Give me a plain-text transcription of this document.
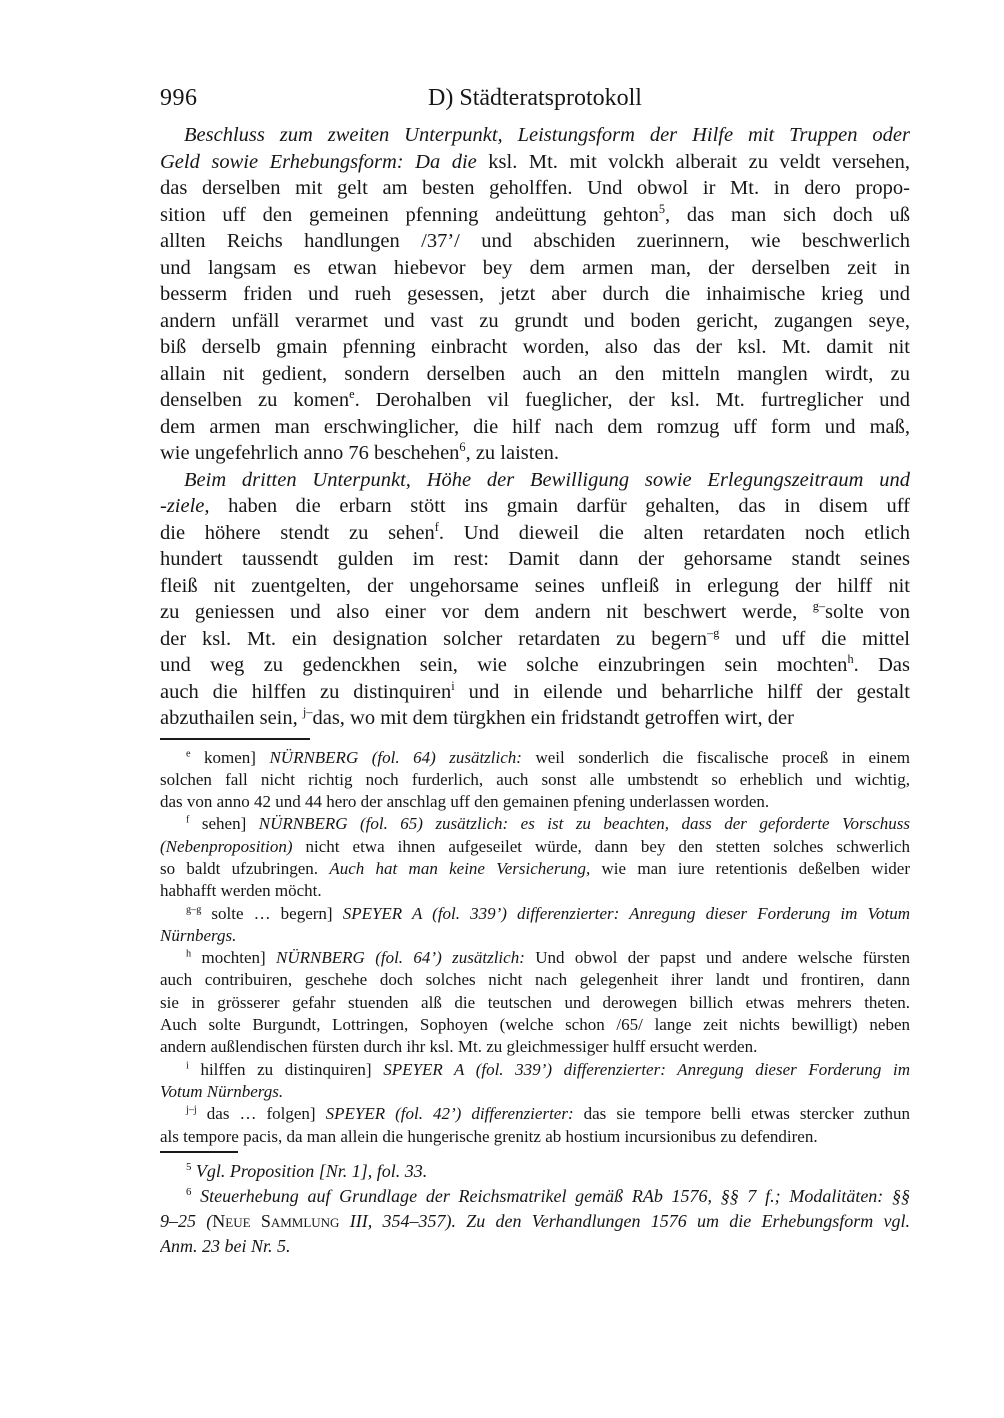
996	D) Städteratsprotokoll
Beschluss zum zweiten Unterpunkt, Leistungsform der Hilfe mit Truppen oder
Geld sowie Erhebungsform: Da die ksl. Mt. mit volckh alberait zu veldt versehen,
das derselben mit gelt am besten geholffen. Und obwol ir Mt. in dero propo-
sition uff den gemeinen pfenning andeüttung gehton$^5$, das man sich doch uß
allten Reichs handlungen /37’/ und abschiden zuerinnern, wie beschwerlich
und langsam es etwan hiebevor bey dem armen man, der derselben zeit in
besserm friden und rueh gesessen, jetzt aber durch die inhaimische krieg und
andern unfäll verarmet und vast zu grundt und boden gericht, zugangen seye,
biß derselb gmain pfenning einbracht worden, also das der ksl. Mt. damit nit
allain nit gedient, sondern derselben auch an den mitteln manglen wirdt, zu
denselben zu komen$^e$. Derohalben vil fueglicher, der ksl. Mt. furtreglicher und
dem armen man erschwinglicher, die hilf nach dem romzug uff form und maß,
wie ungefehrlich anno 76 beschehen$^6$, zu laisten.
Beim dritten Unterpunkt, Höhe der Bewilligung sowie Erlegungszeitraum und
-ziele, haben die erbarn stött ins gmain darfür gehalten, das in disem uff
die höhere stendt zu sehen$^f$. Und dieweil die alten retardaten noch etlich
hundert taussendt gulden im rest: Damit dann der gehorsame standt seines
fleiß nit zuentgelten, der ungehorsame seines unfleiß in erlegung der hilff nit
zu geniessen und also einer vor dem andern nit beschwert werde, $^{g-}$solte von
der ksl. Mt. ein designation solcher retardaten zu begern$^{-g}$ und uff die mittel
und weg zu gedenckhen sein, wie solche einzubringen sein mochten$^h$. Das
auch die hilffen zu distinquiren$^i$ und in eilende und beharrliche hilff der gestalt
abzuthailen sein, $^{j-}$das, wo mit dem türgkhen ein fridstandt getroffen wirt, der
$^e$ komen] NÜRNBERG (fol. 64) zusätzlich: weil sonderlich die fiscalische proceß in einem
solchen fall nicht richtig noch furderlich, auch sonst alle umbstendt so erheblich und wichtig,
das von anno 42 und 44 hero der anschlag uff den gemainen pfening underlassen worden.
$^f$ sehen] NÜRNBERG (fol. 65) zusätzlich: es ist zu beachten, dass der geforderte Vorschuss
(Nebenproposition) nicht etwa ihnen aufgeseilet würde, dann bey den stetten solches schwerlich
so baldt ufzubringen. Auch hat man keine Versicherung, wie man iure retentionis deßelben wider
habhafft werden möcht.
$^{g-g}$ solte … begern] SPEYER A (fol. 339’) differenzierter: Anregung dieser Forderung im Votum
Nürnbergs.
$^h$ mochten] NÜRNBERG (fol. 64’) zusätzlich: Und obwol der papst und andere welsche fürsten
auch contribuiren, geschehe doch solches nicht nach gelegenheit ihrer landt und frontiren, dann
sie in grösserer gefahr stuenden alß die teutschen und derowegen billich etwas mehrers theten.
Auch solte Burgundt, Lottringen, Sophoyen (welche schon /65/ lange zeit nichts bewilligt) neben
andern außlendischen fürsten durch ihr ksl. Mt. zu gleichmessiger hulff ersucht werden.
$^i$ hilffen zu distinquiren] SPEYER A (fol. 339’) differenzierter: Anregung dieser Forderung im
Votum Nürnbergs.
$^{j-j}$ das … folgen] SPEYER (fol. 42’) differenzierter: das sie tempore belli etwas stercker zuthun
als tempore pacis, da man allein die hungerische grenitz ab hostium incursionibus zu defendiren.
$^5$ Vgl. Proposition [Nr. 1], fol. 33.
$^6$ Steuerhebung auf Grundlage der Reichsmatrikel gemäß RAb 1576, §§ 7 f.; Modalitäten: §§
9–25 (Neue Sammlung III, 354–357). Zu den Verhandlungen 1576 um die Erhebungsform vgl.
Anm. 23 bei Nr. 5.
